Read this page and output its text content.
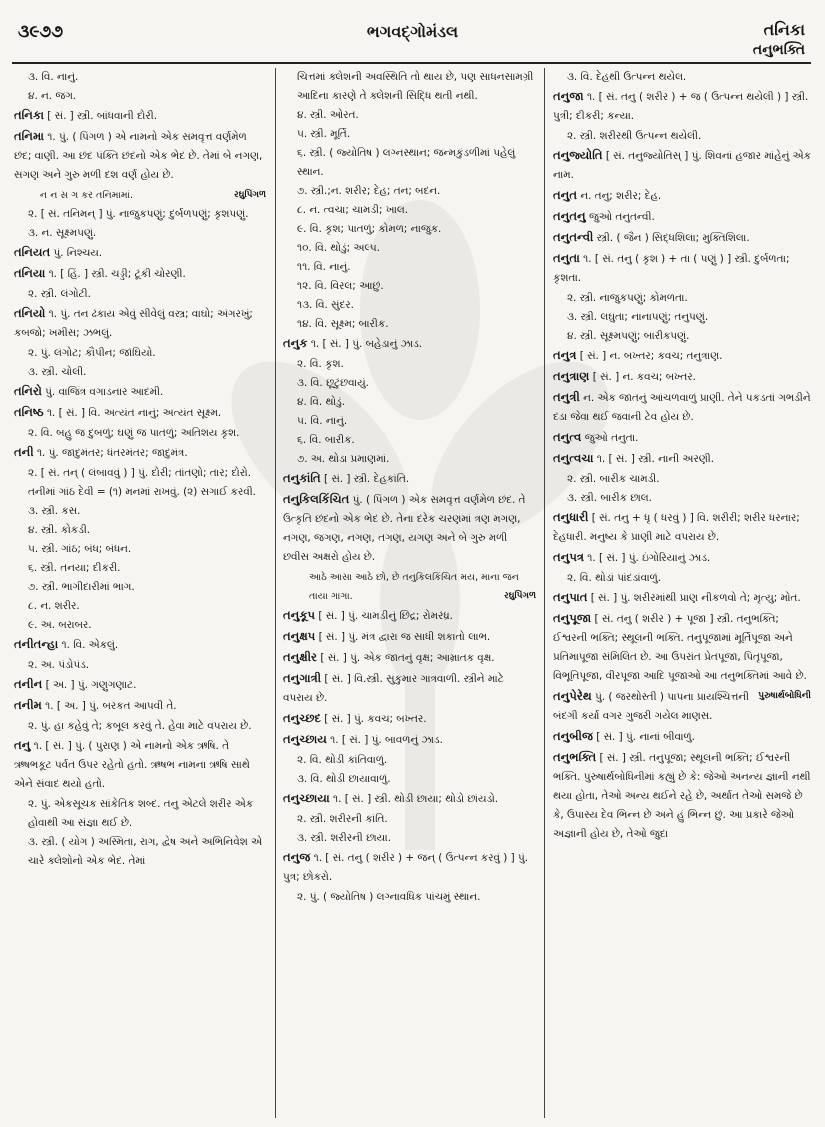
૩૯૭૭	ભગવદ્ગોમંડલ	તનિકા
તનુભક્તિ
૩. વિ. નાનું.
૪. ન. જગ.
તનિકા [ સં. ] સ્ત્રી. બાંધવાની દોરી.
તનિમા ૧. પું. ( પિંગળ ) એ નામનો એક સમવૃત્ત વર્ણમેળ છંદ; વાણી. આ છંદ પંક્તિ છંદનો એક ભેદ છે. તેમાં બે નગણ, સગણ અને ગુરુ મળી દશ વર્ણ હોય છે.
ન ન સ ગ કર તનિમામાં.	રઘુપિંગળ
૨. [ સં. તનિમન્ ] પું. નાજુકપણું; દુર્બળપણું; કૃશપણું.
૩. ન. સૂક્ષ્મપણું.
તનિયત પું. નિશ્ચય.
તનિયા ૧. [ હિં. ] સ્ત્રી. ચડ્ડી; ટૂંકી ચોરણી.
૨. સ્ત્રી. લંગોટી.
તનિયો ૧. પું. તન ઢંકાય એવું સીવેલું વસ્ત્ર; વાઘો; અંગરખું; કબજો; ખમીસ; ઝભલું.
૨. પું. લંગોટ; કૌપીન; જાંઘિયો.
૩. સ્ત્રી. ચોલી.
તનિરો પું. વાજિંત્ર વગાડનાર આદમી.
તનિષ્ઠ ૧. [ સં. ] વિ. અત્યંત નાનું; અત્યંત સૂક્ષ્મ.
૨. વિ. બહુ જ દુબળું; ઘણું જ પાતળું; અતિશય કૃશ.
તની ૧. પું. જાદુમંતર; ધંતરમંતર; જાદુમંત્ર.
૨. [ સં. તન્ ( લંબાવવું ) ] પું. દોરી; તાંતણો; તાર; દોરો.
તનીમાં ગાંઠ દેવી = (૧) મનમાં રાખવું. (૨) સગાઈ કરવી.
૩. સ્ત્રી. કસ.
૪. સ્ત્રી. કોકડી.
૫. સ્ત્રી. ગાંઠ; બંધ; બંધન.
૬. સ્ત્રી. તનયા; દીકરી.
૭. સ્ત્રી. ભાગીદારીમાં ભાગ.
૮. ન. શરીર.
૯. અ. બરાબર.
તનીતન્હા ૧. વિ. એકલું.
૨. અ. પંડોપંડ.
તનીન [ અ. ] પું. ગણુગણાટ.
તનીમ ૧. [ અ. ] પું. બરકત આપવી તે.
૨. પું. હા કહેવું તે; કબૂલ કરવું તે. હેવા માટે વપરાય છે.
તનુ ૧. [ સં. ] પું. ( પુરાણ ) એ નામનો એક ઋષિ. તે ઋષભકૂટ પર્વત ઉપર રહેતો હતો. ઋષભ નામના ઋષિ સાથે એને સંવાદ થયો હતો.
૨. પું. એકસૂચક સાંકેતિક શબ્દ. તનુ એટલે શરીર એક હોવાથી આ સંજ્ઞા થઈ છે.
૩. સ્ત્રી. ( યોગ ) અસ્મિતા, રાગ, દ્વેષ અને અભિનિવેશ એ ચારે ક્લેશોનો એક ભેદ. તેમાં
ચિત્તમાં ક્લેશની અવસ્થિતિ તો થાય છે, પણ સાધનસામગ્રી આદિના કારણે તે ક્લેશની સિદ્ધિ થતી નથી.
૪. સ્ત્રી. ઓરત.
૫. સ્ત્રી. મૂર્તિ.
૬. સ્ત્રી. ( જ્યોતિષ ) લગ્નસ્થાન; જન્મકુંડળીમાં પહેલું સ્થાન.
૭. સ્ત્રી.;ન. શરીર; દેહ; તન; બદન.
૮. ન. ત્વચા; ચામડી; ખાલ.
૯. વિ. કૃશ; પાતળું; કોમળ; નાજુક.
૧૦. વિ. થોડું; અલ્પ.
૧૧. વિ. નાનું.
૧૨. વિ. વિરલ; આછું.
૧૩. વિ. સુંદર.
૧૪. વિ. સૂક્ષ્મ; બારીક.
તનુક ૧. [ સં. ] પું. બહેડાનું ઝાડ.
૨. વિ. કૃશ.
૩. વિ. છૂટુંછવાયું.
૪. વિ. થોડું.
૫. વિ. નાનું.
૬. વિ. બારીક.
૭. અ. થોડા પ્રમાણમાં.
તનુકાંતિ [ સં. ] સ્ત્રી. દેહકાંતિ.
તનુકિલકિંચિત પું. ( પિંગળ ) એક સમવૃત્ત વર્ણમેળ છંદ. તે ઉત્કૃતિ છંદનો એક ભેદ છે. તેના દરેક ચરણમાં ત્રણ મગણ, નગણ, જગણ, નગણ, તગણ, યગણ અને બે ગુરુ મળી છવીસ અક્ષરો હોય છે.
આઠે આસા આઠે છો, છે તનુકિલકિંચિત મય, માના જન તાયા ગાગા.	રઘુપિંગળ
તનુકૂપ [ સં. ] પું. ચામડીનું છિદ્ર; રોમરંધ્ર.
તનુક્ષપ [ સં. ] પું. મંત્ર દ્વારા જ સાધી શકાતો લાભ.
તનુક્ષીર [ સં. ] પું. એક જાતનું વૃક્ષ; આમ્રાતક વૃક્ષ.
તનુગાત્રી [ સં. ] વિ.સ્ત્રી. સુકુમાર ગાત્રવાળી. સ્ત્રીને માટે વપરાય છે.
તનુચ્છદ [ સં. ] પું. કવચ; બખ્તર.
તનુચ્છાય ૧. [ સં. ] પું. બાવળનું ઝાડ.
૨. વિ. થોડી કાંતિવાળું.
૩. વિ. થોડી છાયાવાળું.
તનુચ્છાયા ૧. [ સં. ] સ્ત્રી. થોડી છાયા; થોડો છાંયડો.
૨. સ્ત્રી. શરીરની કાંતિ.
૩. સ્ત્રી. શરીરની છાયા.
તનુજ ૧. [ સં. તનુ ( શરીર ) + જન્ ( ઉત્પન્ન કરવું ) ] પું. પુત્ર; છોકરો.
૨. પું. ( જ્યોતિષ ) લગ્નાવધિક પાંચમું સ્થાન.
૩. વિ. દેહથી ઉત્પન્ન થયેલ.
તનુજા ૧. [ સં. તનુ ( શરીર ) + જ ( ઉત્પન્ન થયેલી ) ] સ્ત્રી. પુત્રી; દીકરી; કન્યા.
૨. સ્ત્રી. શરીરથી ઉત્પન્ન થયેલી.
તનુજ્યોતિ [ સં. તનુજ્યોતિસ્ ] પું. શિવનાં હજાર માંહેનું એક નામ.
તનુત ન. તનુ; શરીર; દેહ.
તનુતનુ જુઓ તનુતન્વી.
તનુતન્વી સ્ત્રી. ( જૈન ) સિદ્ધશિલા; મુક્તિશિલા.
તનુતા ૧. [ સં. તનુ ( કૃશ ) + તા ( પણું ) ] સ્ત્રી. દુર્બળતા; કૃશતા.
૨. સ્ત્રી. નાજુકપણું; કોમળતા.
૩. સ્ત્રી. લઘુતા; નાનાપણું; તનુપણું.
૪. સ્ત્રી. સૂક્ષ્મપણું; બારીકપણું.
તનુત્ર [ સં. ] ન. બખ્તર; કવચ; તનુત્રાણ.
તનુત્રાણ [ સં. ] ન. કવચ; બખ્તર.
તનુત્રી ન. એક જાતનું આંચળવાળું પ્રાણી. તેને પકડતાં ગભડીને દડા જેવા થઈ જવાની ટેવ હોય છે.
તનુત્વ જુઓ તનુતા.
તનુત્વચા ૧. [ સં. ] સ્ત્રી. નાની અરણી.
૨. સ્ત્રી. બારીક ચામડી.
૩. સ્ત્રી. બારીક છાલ.
તનુધારી [ સં. તનુ + ધૃ ( ધરવું ) ] વિ. શરીરી; શરીર ધરનાર; દેહધારી. મનુષ્ય કે પ્રાણી માટે વપરાય છે.
તનુપત્ર ૧. [ સં. ] પું. ઇંગોરિયાનું ઝાડ.
૨. વિ. થોડાં પાંદડાંવાળું.
તનુપાત [ સં. ] પું. શરીરમાંથી પ્રાણ નીકળવો તે; મૃત્યુ; મોત.
તનુપૂજા [ સં. તનુ ( શરીર ) + પૂજા ] સ્ત્રી. તનુભક્તિ; ઈશ્વરની ભક્તિ; સ્થૂલની ભક્તિ. તનુપૂજામાં મૂર્તિપૂજા અને પ્રતિમાપૂજા સંમિલિત છે. આ ઉપરાંત પ્રેતપૂજા, પિતૃપૂજા, વિભૂતિપૂજા, વીરપૂજા આદિ પૂજાઓ આ તનુભક્તિમાં આવે છે.
પુરુષાર્થબોધિની
તનુપેરેથ પું. ( જરથોસ્તી ) પાપના પ્રાયશ્ચિત્તની બંદગી કર્યા વગર ગુજરી ગયેલ માણસ.
તનુબીજ [ સં. ] પું. નાનાં બીવાળું.
તનુભક્તિ [ સં. ] સ્ત્રી. તનુપૂજા; સ્થૂલની ભક્તિ; ઈશ્વરની ભક્તિ. પુરુષાર્થબોધિનીમાં કહ્યું છે કે: જેઓ અનન્ય જ્ઞાની નથી થયા હોતા, તેઓ અન્ય થઈને રહે છે, અર્થાત તેઓ સમજે છે કે, ઉપાસ્ય દેવ ભિન્ન છે અને હું ભિન્ન છું. આ પ્રકારે જેઓ અજ્ઞાની હોય છે, તેઓ જુદા
